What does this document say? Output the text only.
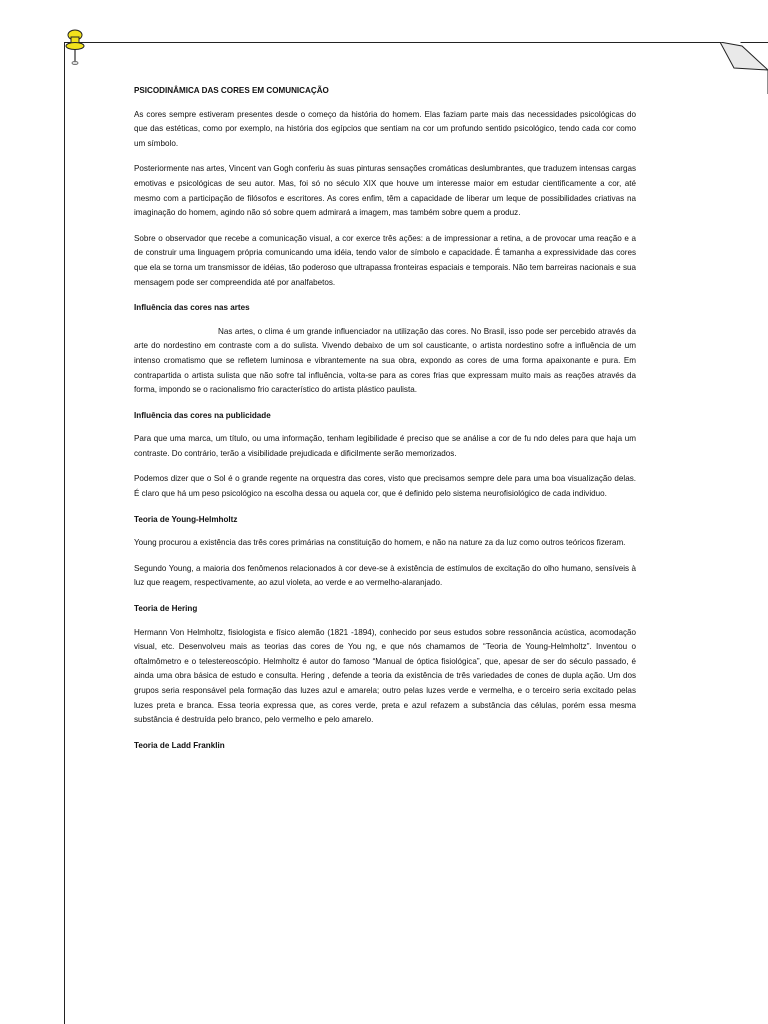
PSICODINÂMICA DAS CORES EM COMUNICAÇÃO

As cores sempre estiveram presentes desde o começo da história do homem. Elas faziam parte mais das necessidades psicológicas do que das estéticas, como por exemplo, na história dos egípcios que sentiam na cor um profundo sentido psicológico, tendo cada cor como um símbolo.

Posteriormente nas artes, Vincent van Gogh conferiu às suas pinturas sensações cromáticas deslumbrantes, que traduzem intensas cargas emotivas e psicológicas de seu autor. Mas, foi só no século XIX que houve um interesse maior em estudar cientificamente a cor, até mesmo com a participação de filósofos e escritores. As cores enfim, têm a capacidade de liberar um leque de possibilidades criativas na imaginação do homem, agindo não só sobre quem admirará a imagem, mas também sobre quem a produz.

Sobre o observador que recebe a comunicação visual, a cor exerce três ações: a de impressionar a retina, a de provocar uma reação e a de construir uma linguagem própria comunicando uma idéia, tendo valor de símbolo e capacidade. É tamanha a expressividade das cores que ela se torna um transmissor de idéias, tão poderoso que ultrapassa fronteiras espaciais e temporais. Não tem barreiras nacionais e sua mensagem pode ser compreendida até por analfabetos.

Influência das cores nas artes

Nas artes, o clima é um grande influenciador na utilização das cores. No Brasil, isso pode ser percebido através da arte do nordestino em contraste com a do sulista. Vivendo debaixo de um sol causticante, o artista nordestino sofre a influência de um intenso cromatismo que se refletem luminosa e vibrantemente na sua obra, expondo as cores de uma forma apaixonante e pura. Em contrapartida o artista sulista que não sofre tal influência, volta-se para as cores frias que expressam muito mais as reações através da forma, impondo se o racionalismo frio característico do artista plástico paulista.

Influência das cores na publicidade

Para que uma marca, um título, ou uma informação, tenham legibilidade é preciso que se análise a cor de fu ndo deles para que haja um contraste. Do contrário, terão a visibilidade prejudicada e dificilmente serão memorizados.

Podemos dizer que o Sol é o grande regente na orquestra das cores, visto que precisamos sempre dele para uma boa visualização delas. É claro que há um peso psicológico na escolha dessa ou aquela cor, que é definido pelo sistema neurofisiológico de cada individuo.

Teoria de Young-Helmholtz

Young procurou a existência das três cores primárias na constituição do homem, e não na nature za da luz como outros teóricos fizeram.

Segundo Young, a maioria dos fenômenos relacionados à cor deve-se à existência de estímulos de excitação do olho humano, sensíveis à luz que reagem, respectivamente, ao azul violeta, ao verde e ao vermelho-alaranjado.

Teoria de Hering

Hermann Von Helmholtz, fisiologista e físico alemão (1821 -1894), conhecido por seus estudos sobre ressonância acústica, acomodação visual, etc. Desenvolveu mais as teorias das cores de You ng, e que nós chamamos de “Teoria de Young-Helmholtz”. Inventou o oftalmômetro e o telestereoscópio. Helmholtz é autor do famoso “Manual de óptica fisiológica”, que, apesar de ser do século passado, é ainda uma obra básica de estudo e consulta. Hering , defende a teoria da existência de três variedades de cones de dupla ação. Um dos grupos seria responsável pela formação das luzes azul e amarela; outro pelas luzes verde e vermelha, e o terceiro seria excitado pelas luzes preta e branca. Essa teoria expressa que, as cores verde, preta e azul refazem a substância das células, porém essa mesma substância é destruída pelo branco, pelo vermelho e pelo amarelo.

Teoria de Ladd Franklin
